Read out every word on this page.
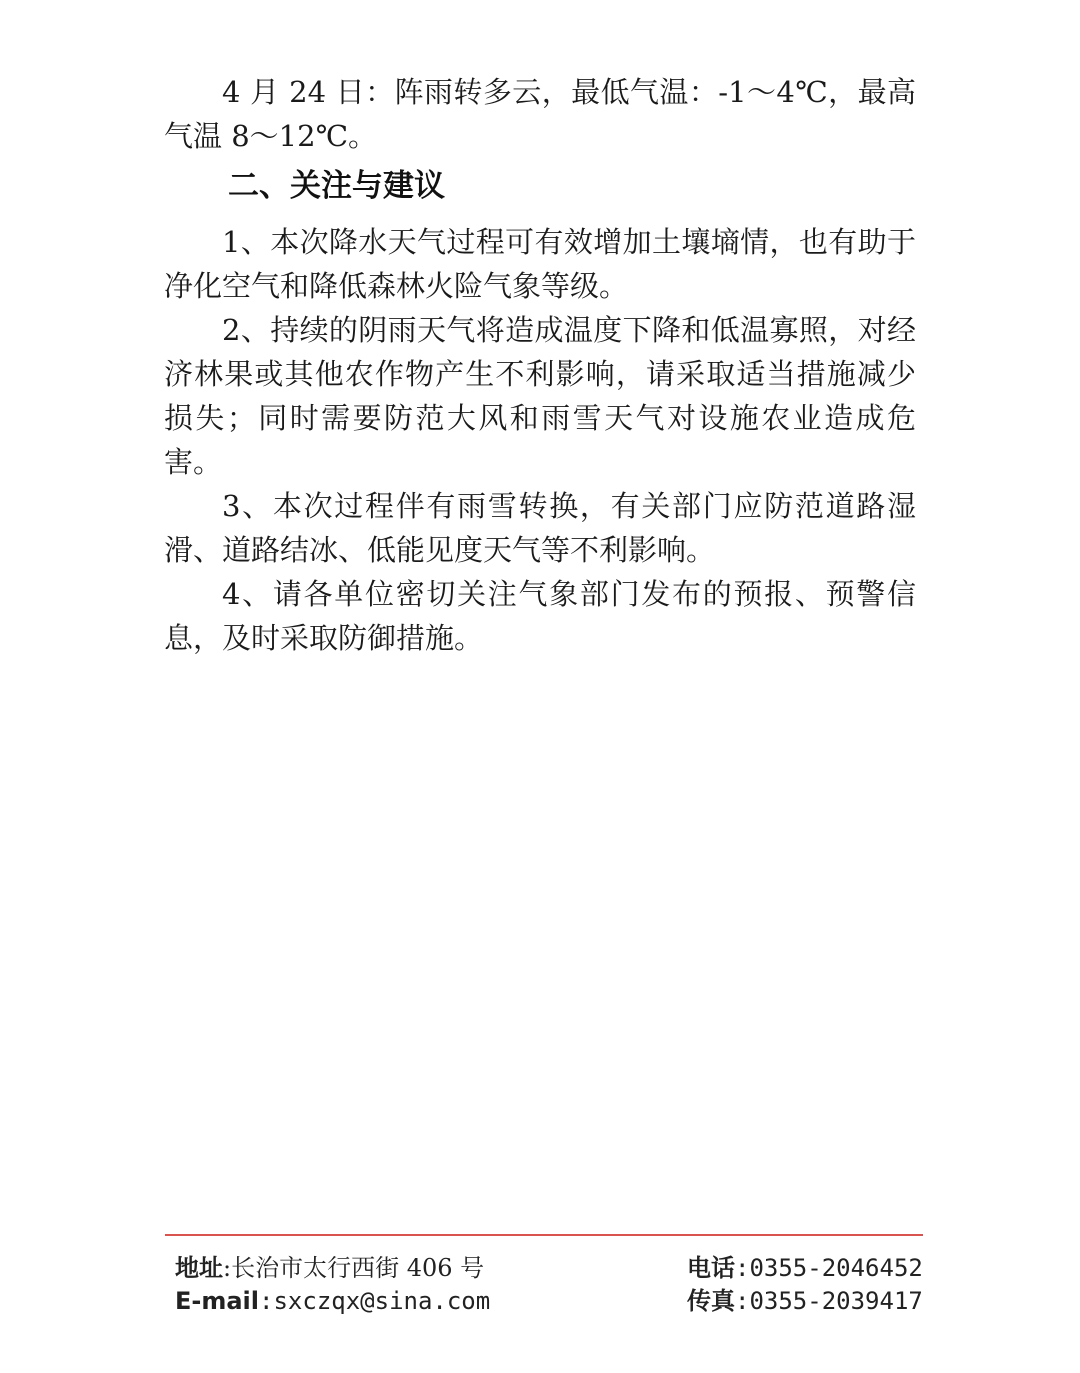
4 月 24 日：阵雨转多云，最低气温：-1～4℃，最高气温 8～12℃。

二、关注与建议

1、本次降水天气过程可有效增加土壤墒情，也有助于净化空气和降低森林火险气象等级。

2、持续的阴雨天气将造成温度下降和低温寡照，对经济林果或其他农作物产生不利影响，请采取适当措施减少损失；同时需要防范大风和雨雪天气对设施农业造成危害。

3、本次过程伴有雨雪转换，有关部门应防范道路湿滑、道路结冰、低能见度天气等不利影响。

4、请各单位密切关注气象部门发布的预报、预警信息，及时采取防御措施。

地址:长治市太行西街 406 号
E-mail:sxczqx@sina.com
电话:0355-2046452
传真:0355-2039417
